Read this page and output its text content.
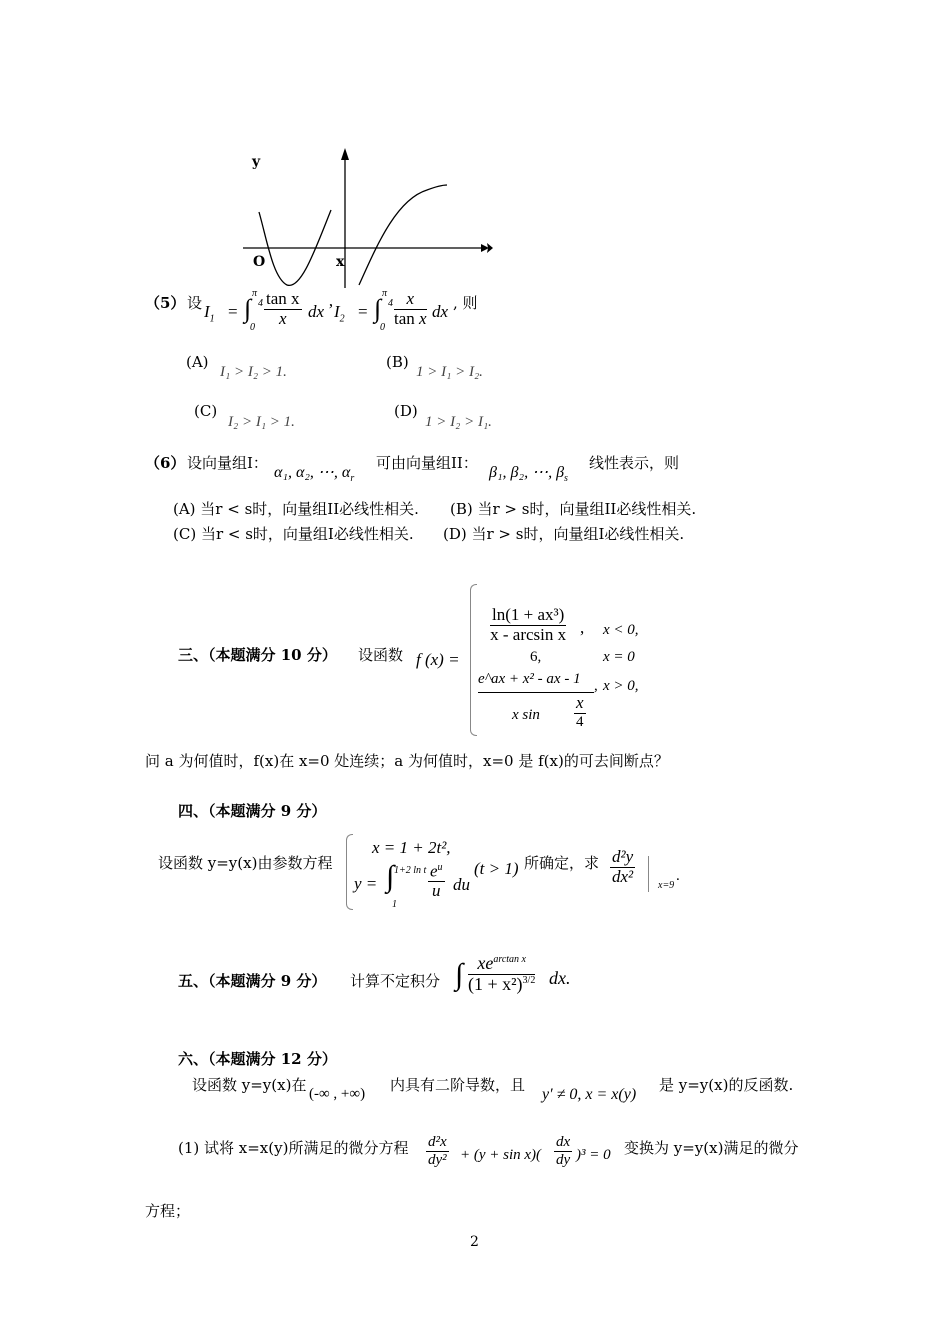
y
O	x
（5） 设 $I_1$ = ∫
π
4
$0 \frac{\text{tan x}}{x}$ dx ’ $I_2$ = ∫
π
4
$0 \frac{x}{\text{tan x}}$ dx , 则
(A)
I₁ > I₂ > 1.
(B)
1 > I₁ > I₂.
(C)
I₂ > I₁ > 1.
(D)
1 > I₂ > I₁.
（6） 设向量组I：
α₁, α₂, ⋯, $\alpha_r$
可由向量组II：
β₁, β₂, ⋯, $\beta_s$
线性表示，则
(A) 当r < s时，向量组II必线性相关. (B) 当r > s时，向量组II必线性相关.
(C) 当r < s时，向量组I必线性相关. (D) 当r > s时，向量组I必线性相关.
三、（本题满分 10 分） 设函数 f (x) =
$\frac{\text{ln(1 + ax³)}}{\text{x - arcsin x}}$ , x < 0,
6,	x = 0
e^ax + x² - ax - 1 , x > 0,
x $\sin \frac{x}{4}$
问 a 为何值时，f(x)在 x=0 处连续；a 为何值时，x=0 是 f(x)的可去间断点？
四、（本题满分 9 分）
设函数 y=y(x)由参数方程
x = 1 + 2t²,
y = ∫ 1+2 ln t
1
$\frac{e^u}{u}$ du
(t > 1) 所确定，求 $\frac{\text{d²y}}{\text{dx²}} x=9$
.
五、（本题满分 9 分） 计算不定积分 ∫ $\frac{xe^{arctan x}}{(1 + x^2)^{3/2}}$ dx.
六、（本题满分 12 分）
设函数 y=y(x)在 (-∞ , +∞) 内具有二阶导数，且
y′ ≠ 0, x = x(y)
是 y=y(x)的反函数.
(1) 试将 x=x(y)所满足的微分方程 $\frac{\text{d²x}}{\text{dy²}} + (y + \sin x)( \frac{dx}{dy} )^3 = 0$ 变换为 y=y(x)满足的微分
方程；
2
